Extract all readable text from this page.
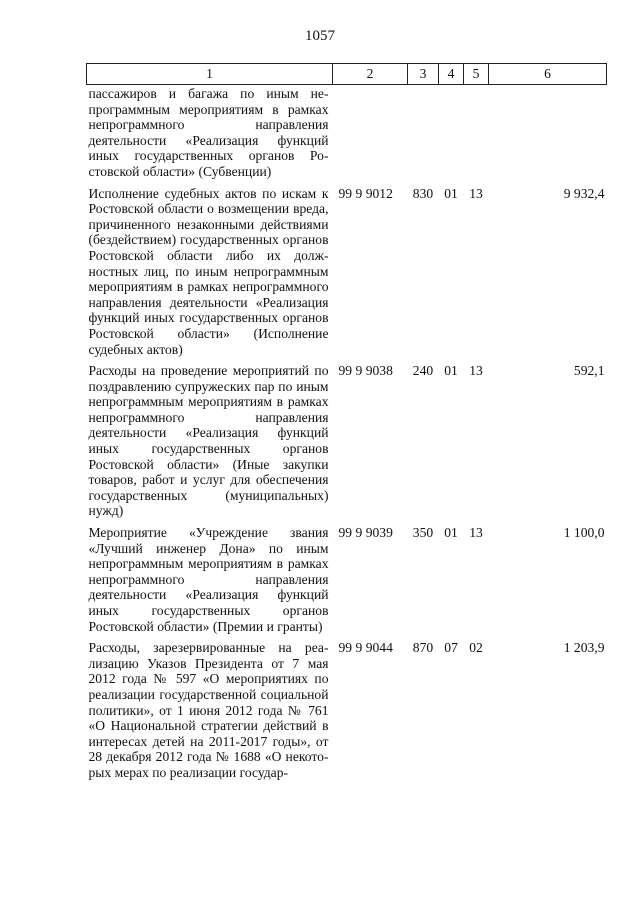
1057
1	2	3	4	5	6
пассажиров и багажа по иным непрограммным мероприятиям в рамках непрограммного направления деятельности «Реализация функций иных государственных органов Ростовской области» (Субвенции)					
Исполнение судебных актов по искам к Ростовской области о возмещении вреда, причиненного незаконными действиями (бездействием) государственных органов Ростовской области либо их должностных лиц, по иным непрограммным мероприятиям в рамках непрограммного направления деятельности «Реализация функций иных государственных органов Ростовской области» (Исполнение судебных актов)	99 9 9012	830	01	13	9 932,4
Расходы на проведение мероприятий по поздравлению супружеских пар по иным непрограммным мероприятиям в рамках непрограммного направления деятельности «Реализация функций иных государственных органов Ростовской области» (Иные закупки товаров, работ и услуг для обеспечения государственных (муниципальных) нужд)	99 9 9038	240	01	13	592,1
Мероприятие «Учреждение звания «Лучший инженер Дона» по иным непрограммным мероприятиям в рамках непрограммного направления деятельности «Реализация функций иных государственных органов Ростовской области» (Премии и гранты)	99 9 9039	350	01	13	1 100,0
Расходы, зарезервированные на реализацию Указов Президента от 7 мая 2012 года № 597 «О мероприятиях по реализации государственной социальной политики», от 1 июня 2012 года № 761 «О Национальной стратегии действий в интересах детей на 2011-2017 годы», от 28 декабря 2012 года № 1688 «О некоторых мерах по реализации государ-	99 9 9044	870	07	02	1 203,9
